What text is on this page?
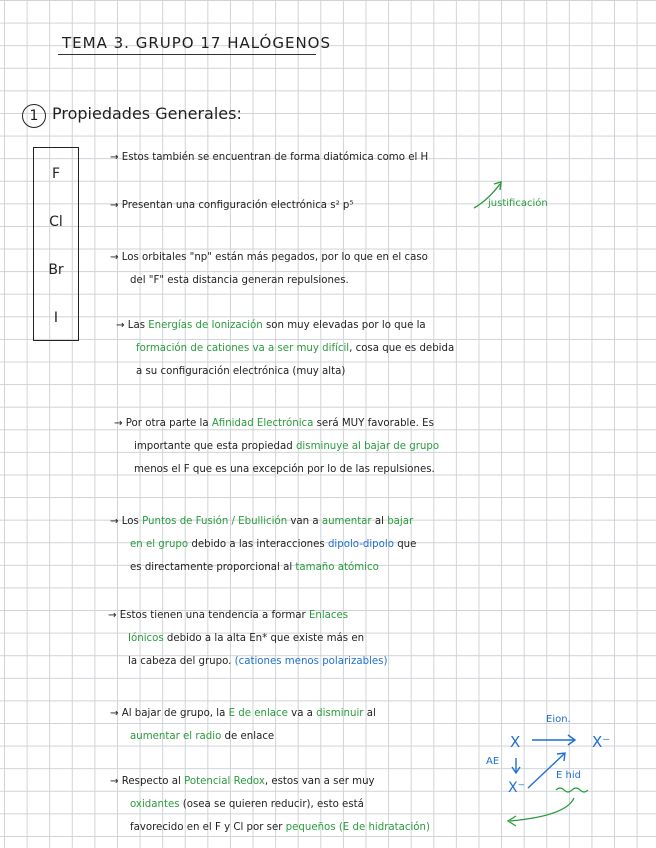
TEMA 3. GRUPO 17 HALÓGENOS
1 Propiedades Generales:
F
Cl
Br
I
→ Estos también se encuentran de forma diatómica como el H
→ Presentan una configuración electrónica s² p⁵	justificación
→ Los orbitales "np" están más pegados, por lo que en el caso
del "F" esta distancia generan repulsiones.
→ Las Energías de Ionización son muy elevadas por lo que la
formación de cationes va a ser muy difícil, cosa que es debida
a su configuración electrónica (muy alta)
→ Por otra parte la Afinidad Electrónica será MUY favorable. Es
importante que esta propiedad disminuye al bajar de grupo
menos el F que es una excepción por lo de las repulsiones.
→ Los Puntos de Fusión / Ebullición van a aumentar al bajar
en el grupo debido a las interacciones dipolo-dipolo que
es directamente proporcional al tamaño atómico
→ Estos tienen una tendencia a formar Enlaces
Iónicos debido a la alta En* que existe más en
la cabeza del grupo. (cationes menos polarizables)
→ Al bajar de grupo, la E de enlace va a disminuir al
aumentar el radio de enlace
→ Respecto al Potencial Redox, estos van a ser muy
oxidantes (osea se quieren reducir), esto está
favorecido en el F y Cl por ser pequeños (E de hidratación)
X
Eion.
X⁻
AE
X⁻
E hid
